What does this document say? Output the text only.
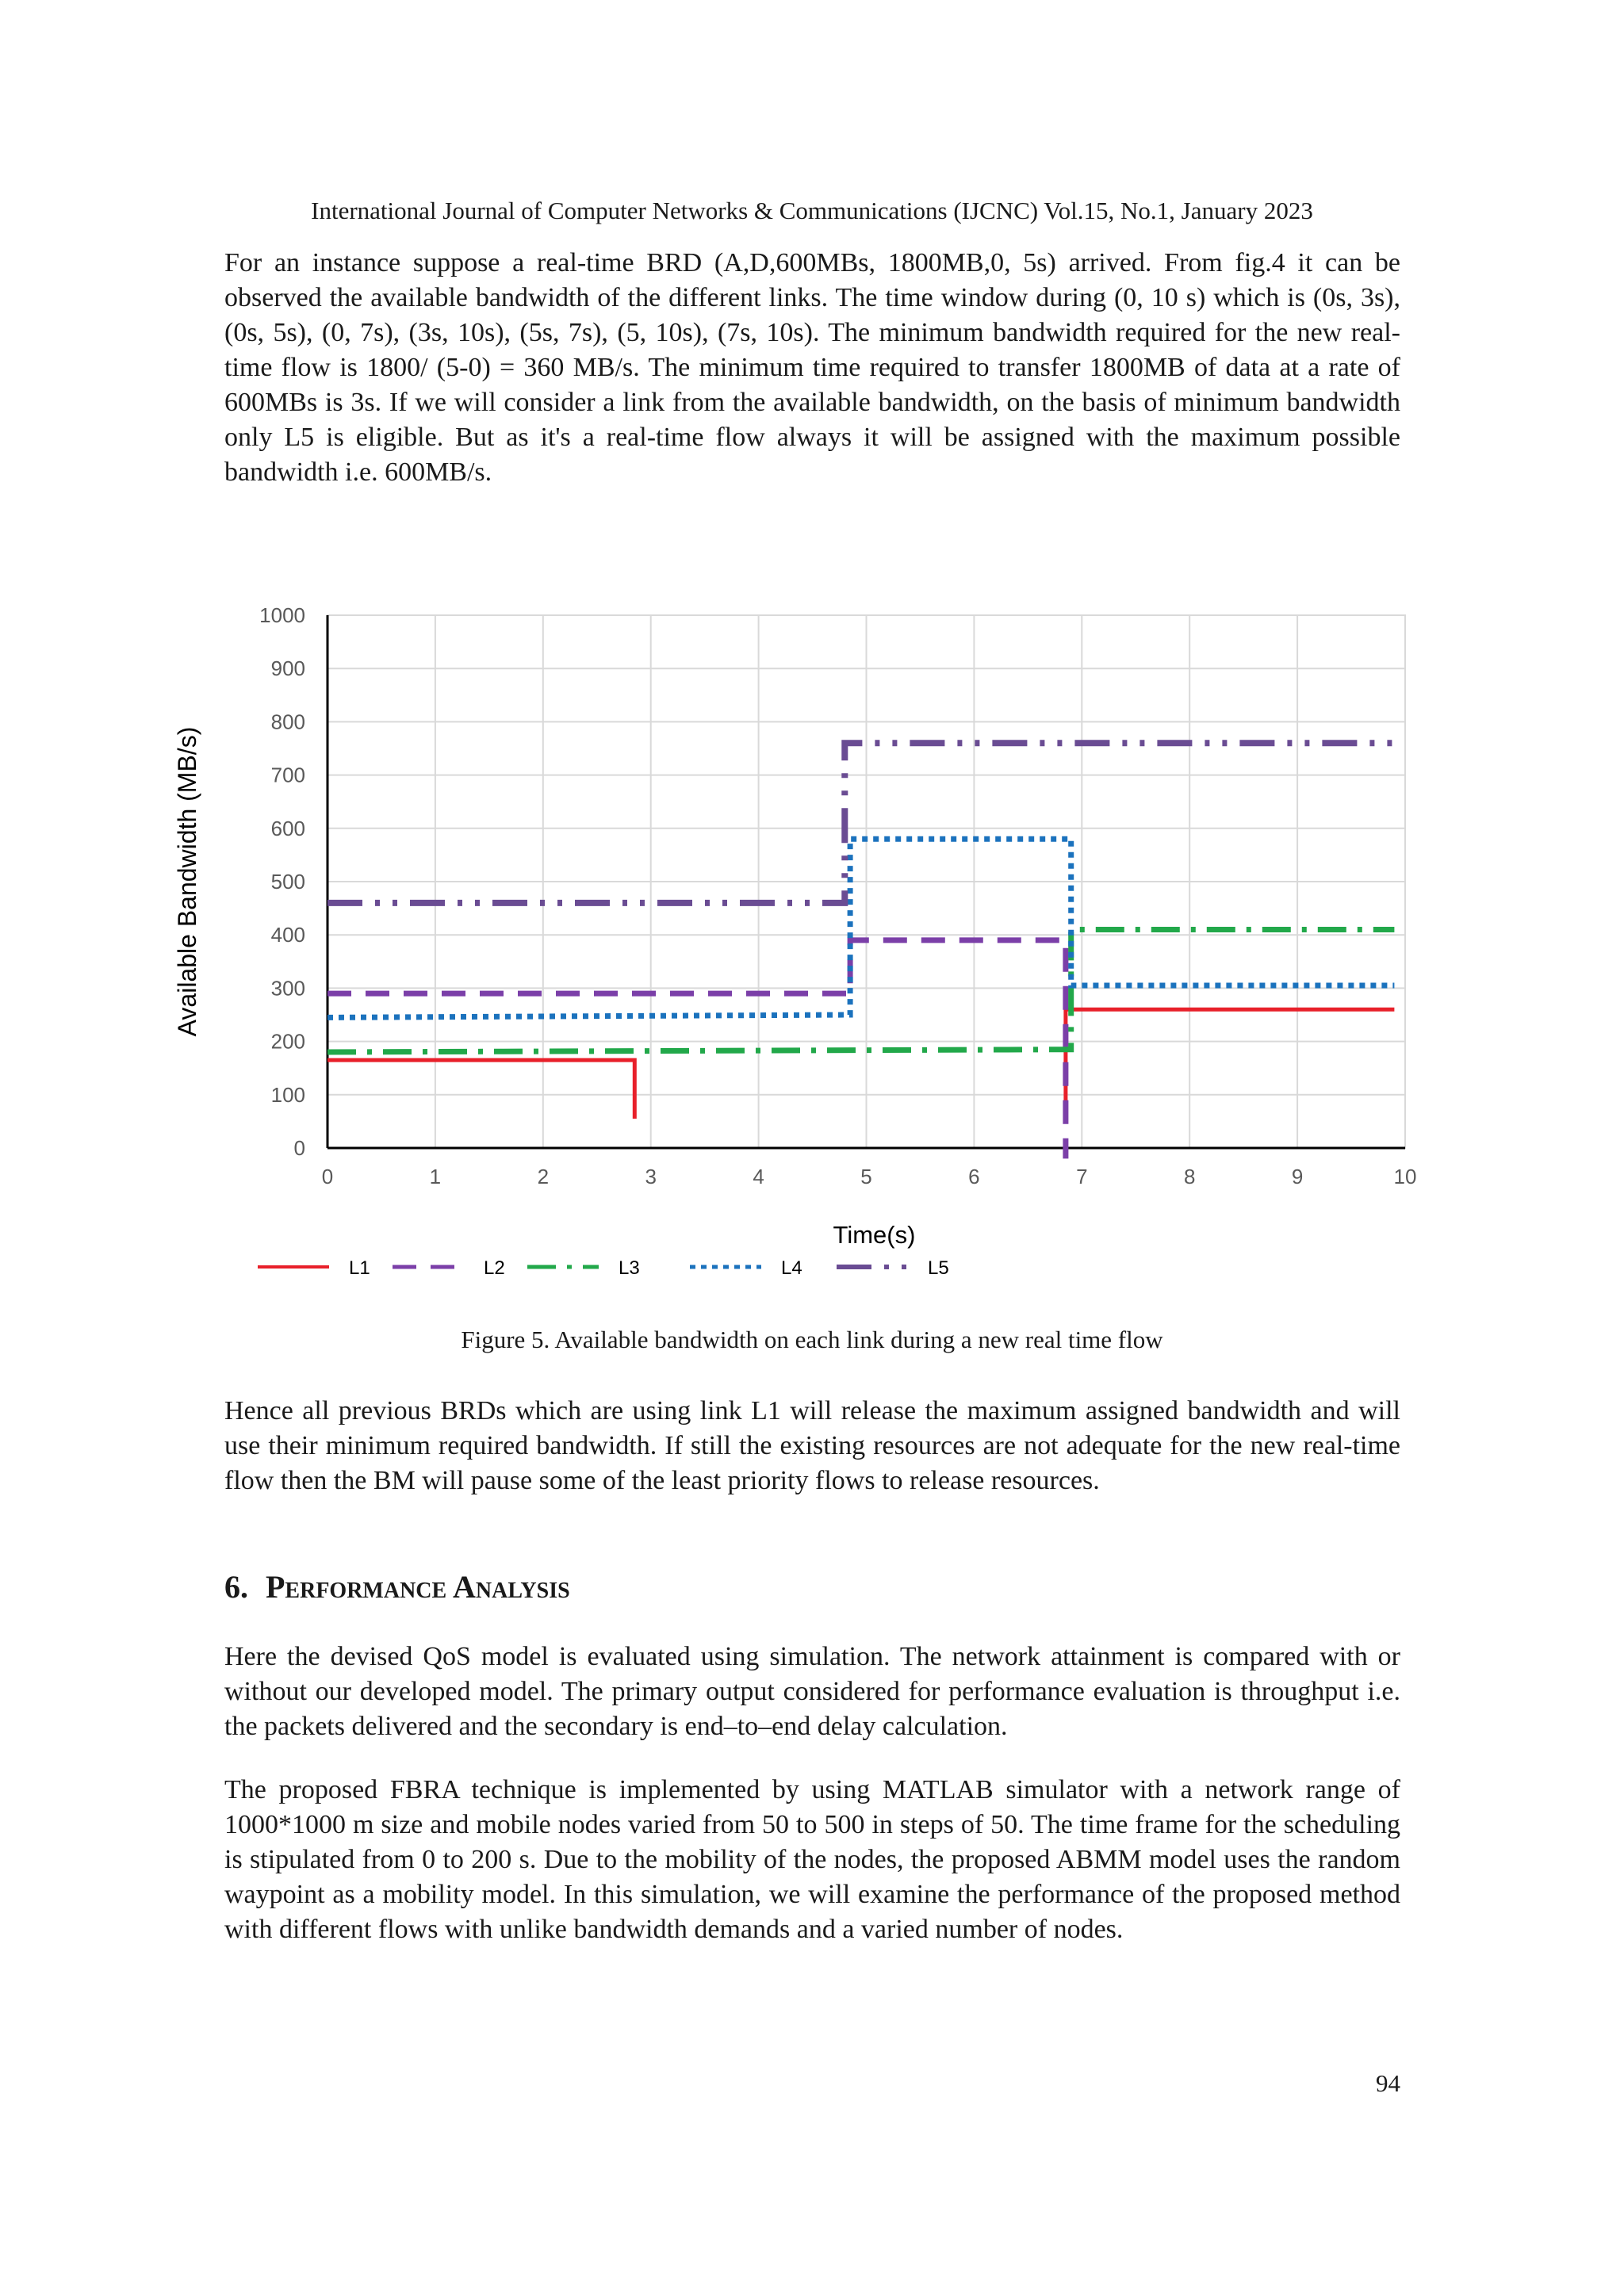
International Journal of Computer Networks & Communications (IJCNC) Vol.15, No.1, January 2023

For an instance suppose a real-time BRD (A,D,600MBs, 1800MB,0, 5s) arrived. From fig.4 it can be observed the available bandwidth of the different links. The time window during (0, 10 s) which is (0s, 3s), (0s, 5s), (0, 7s), (3s, 10s), (5s, 7s), (5, 10s), (7s, 10s). The minimum bandwidth required for the new real-time flow is 1800/ (5-0) = 360 MB/s. The minimum time required to transfer 1800MB of data at a rate of 600MBs is 3s. If we will consider a link from the available bandwidth, on the basis of minimum bandwidth only L5 is eligible. But as it's a real-time flow always it will be assigned with the maximum possible bandwidth i.e. 600MB/s.

0
100
200
300
400
500
600
700
800
900
1000
0	1	2	3	4	5	6	7	8	9	10
Time(s)
Available Bandwidth (MB/s)
L1	L2	L3	L4	L5
Figure 5. Available bandwidth on each link during a new real time flow

Hence all previous BRDs which are using link L1 will release the maximum assigned bandwidth and will use their minimum required bandwidth. If still the existing resources are not adequate for the new real-time flow then the BM will pause some of the least priority flows to release resources.

6. Performance Analysis

Here the devised QoS model is evaluated using simulation. The network attainment is compared with or without our developed model. The primary output considered for performance evaluation is throughput i.e. the packets delivered and the secondary is end–to–end delay calculation.

The proposed FBRA technique is implemented by using MATLAB simulator with a network range of 1000*1000 m size and mobile nodes varied from 50 to 500 in steps of 50. The time frame for the scheduling is stipulated from 0 to 200 s. Due to the mobility of the nodes, the proposed ABMM model uses the random waypoint as a mobility model. In this simulation, we will examine the performance of the proposed method with different flows with unlike bandwidth demands and a varied number of nodes.

94
